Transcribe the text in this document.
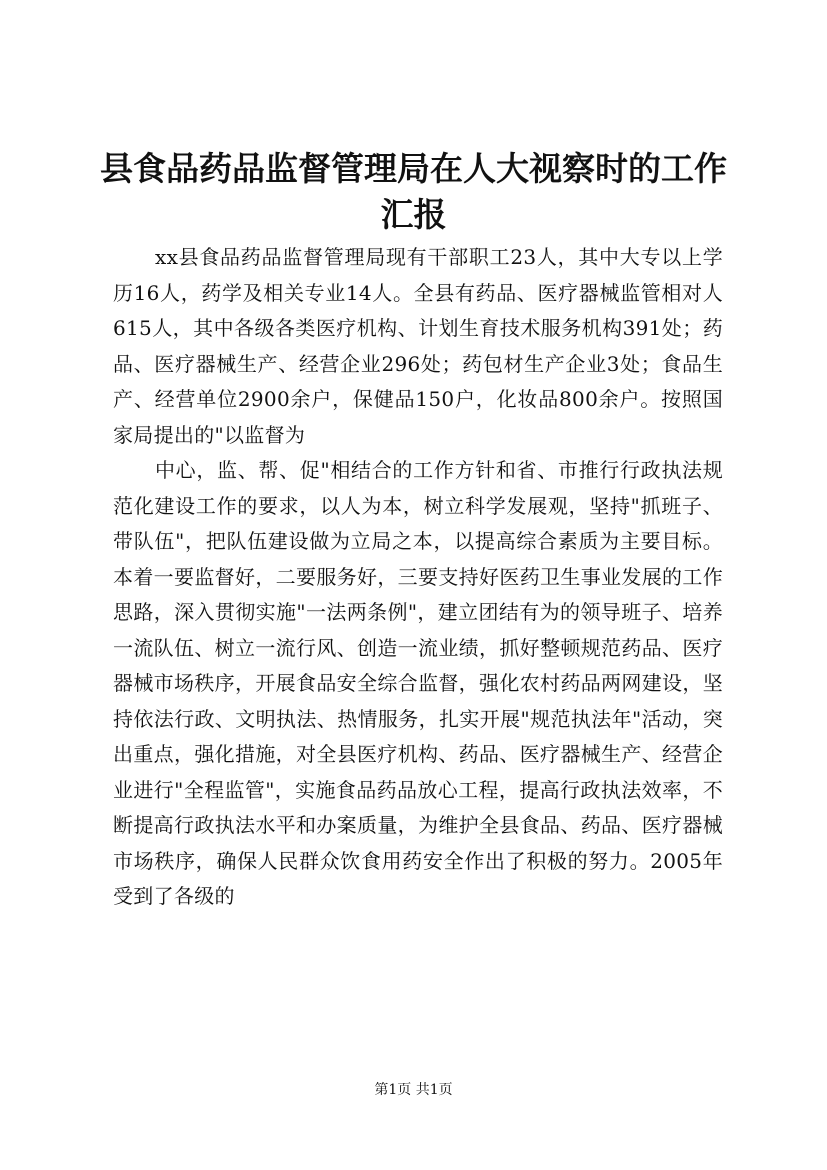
县食品药品监督管理局在人大视察时的工作汇报

xx县食品药品监督管理局现有干部职工23人，其中大专以上学历16人，药学及相关专业14人。全县有药品、医疗器械监管相对人615人，其中各级各类医疗机构、计划生育技术服务机构391处；药品、医疗器械生产、经营企业296处；药包材生产企业3处；食品生产、经营单位2900余户，保健品150户，化妆品800余户。按照国家局提出的"以监督为

中心，监、帮、促"相结合的工作方针和省、市推行行政执法规范化建设工作的要求，以人为本，树立科学发展观，坚持"抓班子、带队伍"，把队伍建设做为立局之本，以提高综合素质为主要目标。本着一要监督好，二要服务好，三要支持好医药卫生事业发展的工作思路，深入贯彻实施"一法两条例"，建立团结有为的领导班子、培养一流队伍、树立一流行风、创造一流业绩，抓好整顿规范药品、医疗器械市场秩序，开展食品安全综合监督，强化农村药品两网建设，坚持依法行政、文明执法、热情服务，扎实开展"规范执法年"活动，突出重点，强化措施，对全县医疗机构、药品、医疗器械生产、经营企业进行"全程监管"，实施食品药品放心工程，提高行政执法效率，不断提高行政执法水平和办案质量，为维护全县食品、药品、医疗器械市场秩序，确保人民群众饮食用药安全作出了积极的努力。2005年受到了各级的

第1页 共1页
